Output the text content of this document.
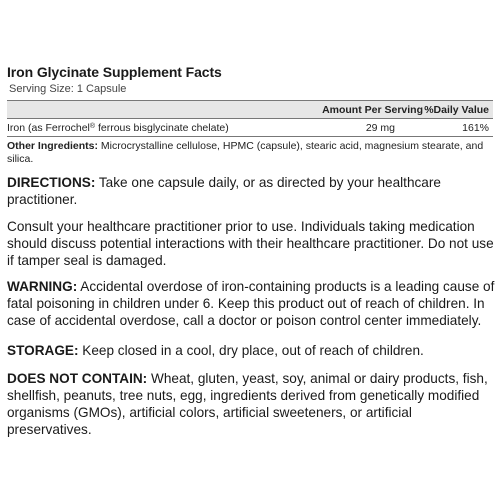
Iron Glycinate Supplement Facts
Serving Size: 1 Capsule
Amount Per Serving %Daily Value
Iron (as Ferrochel® ferrous bisglycinate chelate)	29 mg	161%
Other Ingredients: Microcrystalline cellulose, HPMC (capsule), stearic acid, magnesium stearate, and silica.

DIRECTIONS: Take one capsule daily, or as directed by your healthcare practitioner.

Consult your healthcare practitioner prior to use. Individuals taking medication should discuss potential interactions with their healthcare practitioner. Do not use if tamper seal is damaged.

WARNING: Accidental overdose of iron-containing products is a leading cause of fatal poisoning in children under 6. Keep this product out of reach of children. In case of accidental overdose, call a doctor or poison control center immediately.

STORAGE: Keep closed in a cool, dry place, out of reach of children.

DOES NOT CONTAIN: Wheat, gluten, yeast, soy, animal or dairy products, fish, shellfish, peanuts, tree nuts, egg, ingredients derived from genetically modified organisms (GMOs), artificial colors, artificial sweeteners, or artificial preservatives.
